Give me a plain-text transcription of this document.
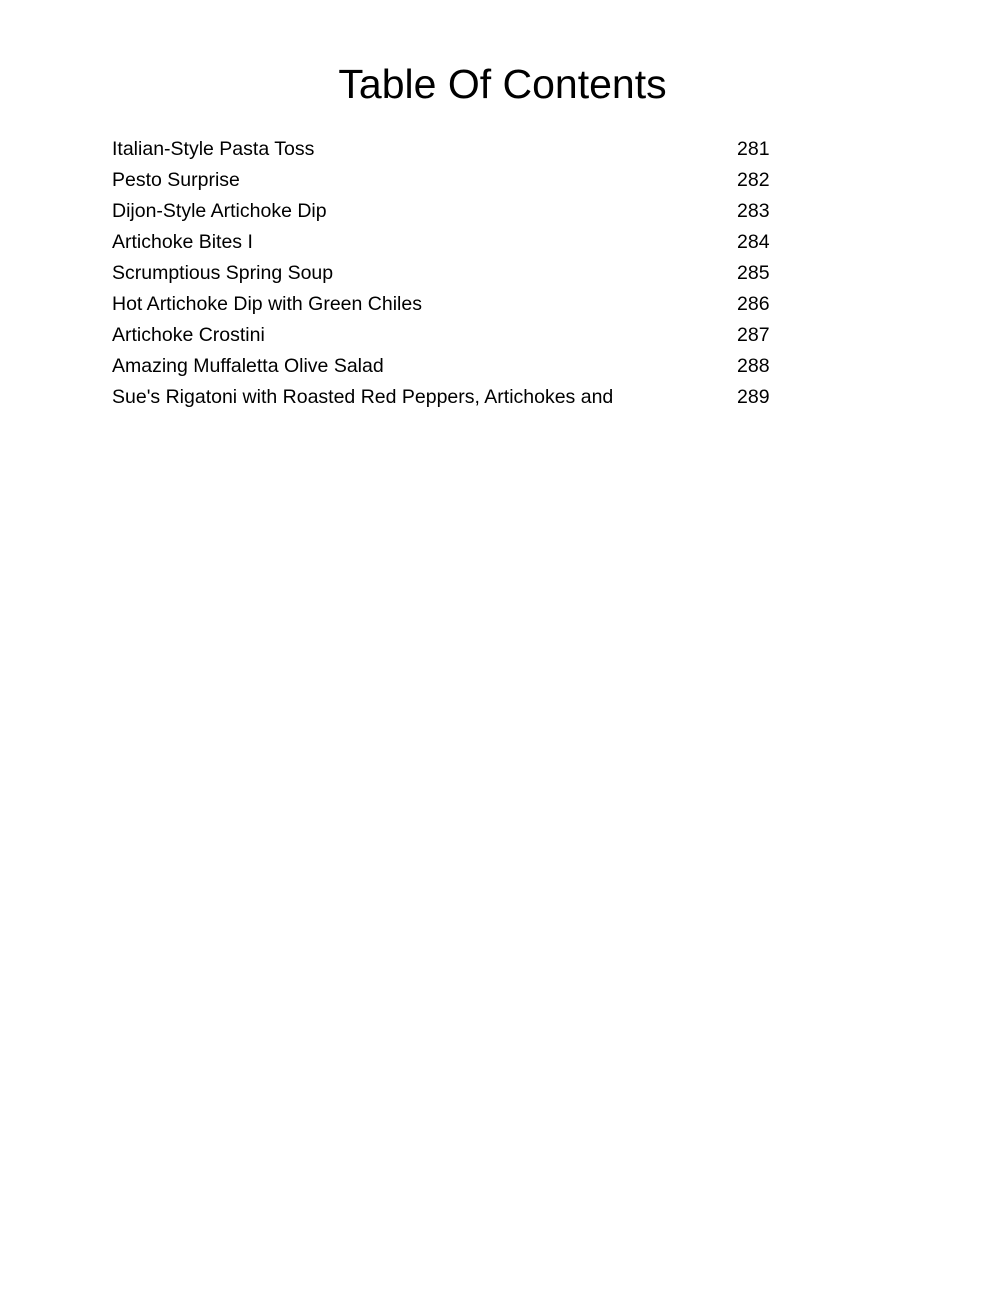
Table Of Contents
Italian-Style Pasta Toss	281
Pesto Surprise	282
Dijon-Style Artichoke Dip	283
Artichoke Bites I	284
Scrumptious Spring Soup	285
Hot Artichoke Dip with Green Chiles	286
Artichoke Crostini	287
Amazing Muffaletta Olive Salad	288
Sue's Rigatoni with Roasted Red Peppers, Artichokes and	289
